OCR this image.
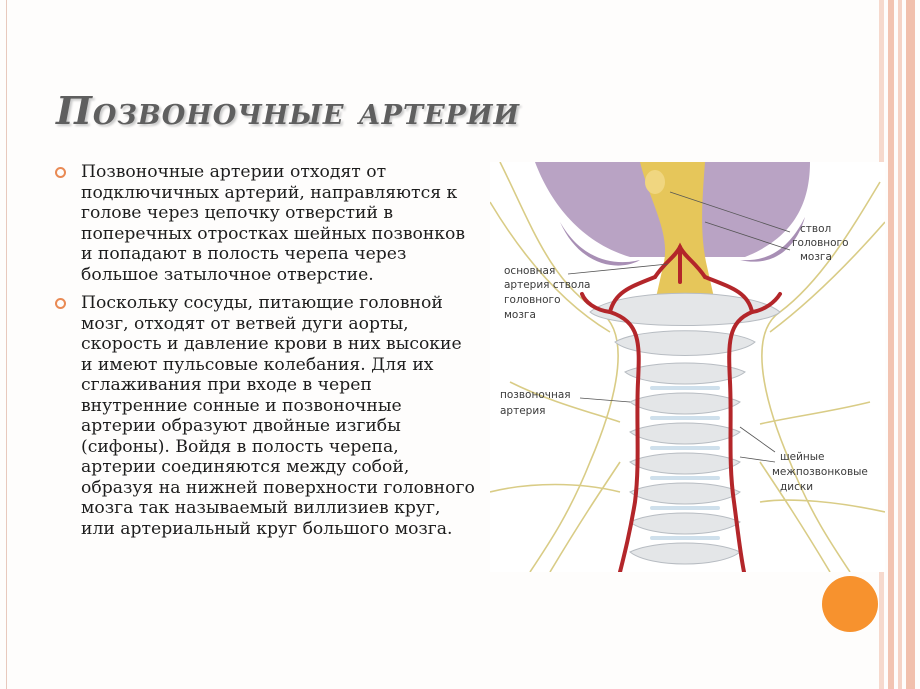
Позвоночные артерии
Позвоночные артерии отходят от подключичных артерий, направляются к голове через цепочку отверстий в поперечных отростках шейных позвонков и попадают в полость черепа через большое затылочное отверстие.
Поскольку сосуды, питающие головной мозг, отходят от ветвей дуги аорты, скорость и давление крови в них высокие и имеют пульсовые колебания. Для их сглаживания при входе в череп внутренние сонные и позвоночные артерии образуют двойные изгибы (сифоны). Войдя в полость черепа, артерии соединяются между собой, образуя на нижней поверхности головного мозга так называемый виллизиев круг, или артериальный круг большого мозга.
ствол
головного
мозга
основная
артерия ствола
головного
мозга
позвоночная
артерия
шейные
межпозвонковые
диски
